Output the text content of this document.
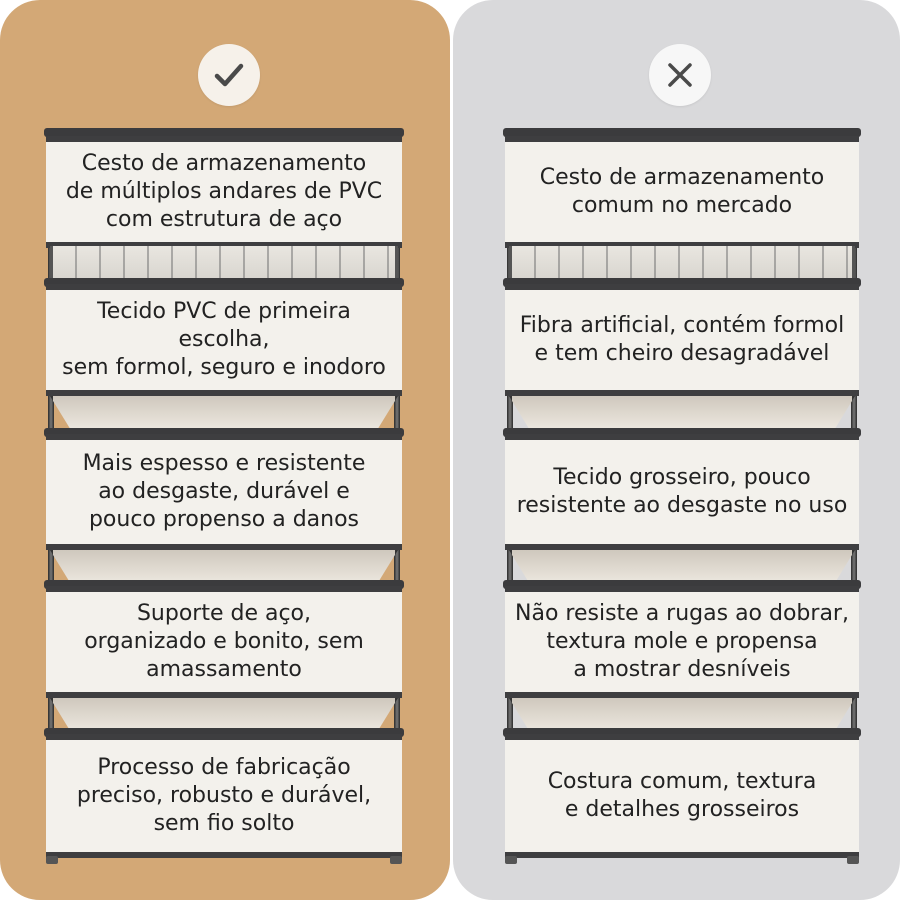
Cesto de armazenamento
de múltiplos andares de PVC
com estrutura de aço
Tecido PVC de primeira escolha,
sem formol, seguro e inodoro
Mais espesso e resistente
ao desgaste, durável e
pouco propenso a danos
Suporte de aço,
organizado e bonito, sem
amassamento
Processo de fabricação
preciso, robusto e durável,
sem fio solto
Cesto de armazenamento
comum no mercado
Fibra artificial, contém formol
e tem cheiro desagradável
Tecido grosseiro, pouco
resistente ao desgaste no uso
Não resiste a rugas ao dobrar,
textura mole e propensa
a mostrar desníveis
Costura comum, textura
e detalhes grosseiros
